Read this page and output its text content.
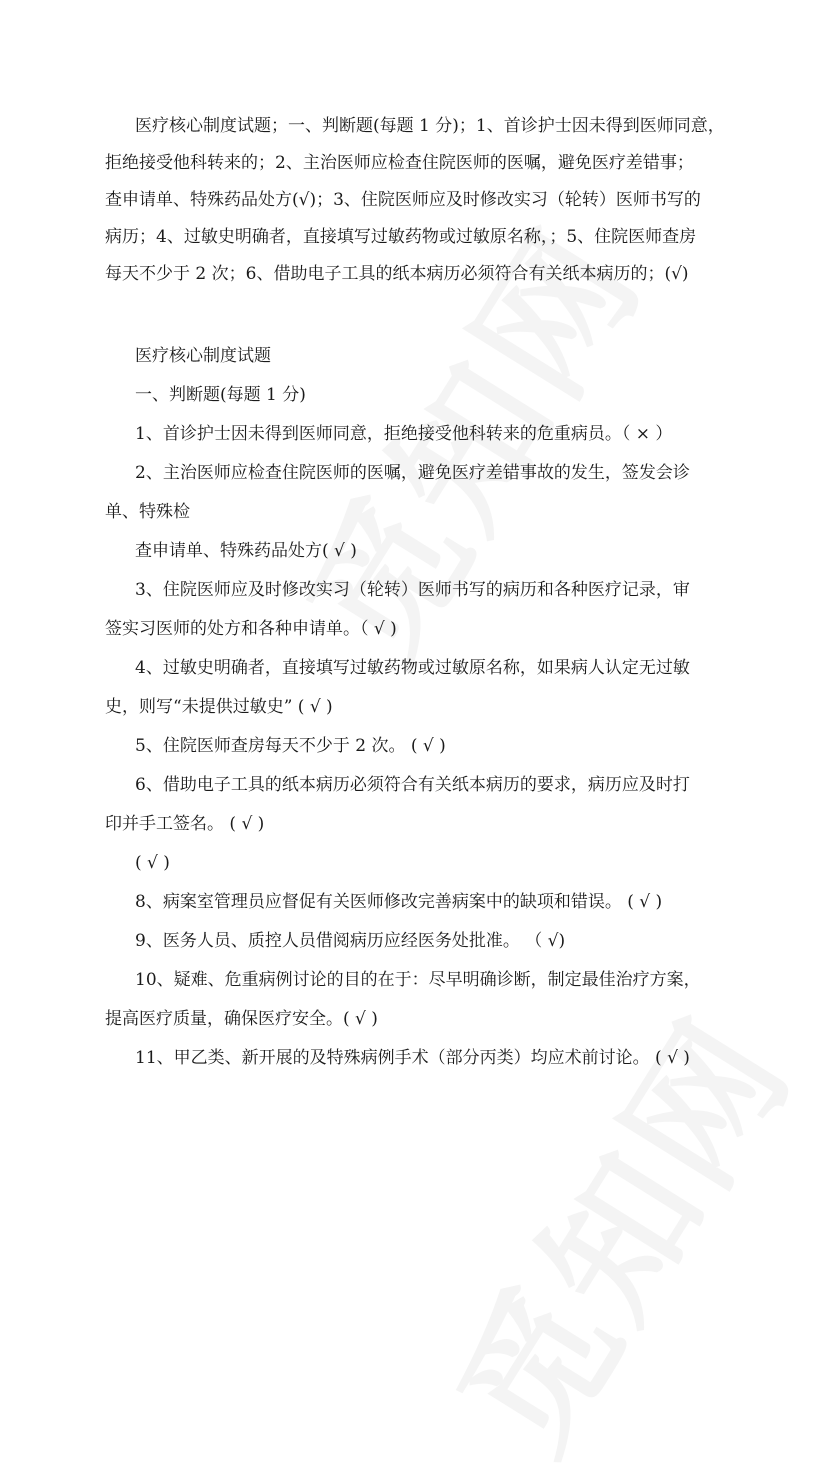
医疗核心制度试题；一、判断题(每题 1 分)；1、首诊护士因未得到医师同意，
拒绝接受他科转来的；2、主治医师应检查住院医师的医嘱，避免医疗差错事；
查申请单、特殊药品处方(√)；3、住院医师应及时修改实习（轮转）医师书写的
病历；4、过敏史明确者，直接填写过敏药物或过敏原名称，；5、住院医师查房
每天不少于 2 次；6、借助电子工具的纸本病历必须符合有关纸本病历的；(√)
医疗核心制度试题
一、判断题(每题 1 分)
1、首诊护士因未得到医师同意，拒绝接受他科转来的危重病员。（ × ）
2、主治医师应检查住院医师的医嘱，避免医疗差错事故的发生，签发会诊
单、特殊检
查申请单、特殊药品处方( √ )
3、住院医师应及时修改实习（轮转）医师书写的病历和各种医疗记录，审
签实习医师的处方和各种申请单。（ √ )
4、过敏史明确者，直接填写过敏药物或过敏原名称，如果病人认定无过敏
史，则写“未提供过敏史” ( √ )
5、住院医师查房每天不少于 2 次。 ( √ )
6、借助电子工具的纸本病历必须符合有关纸本病历的要求，病历应及时打
印并手工签名。 ( √ )
( √ )
8、病案室管理员应督促有关医师修改完善病案中的缺项和错误。 ( √ )
9、医务人员、质控人员借阅病历应经医务处批准。 （ √)
10、疑难、危重病例讨论的目的在于：尽早明确诊断，制定最佳治疗方案，
提高医疗质量，确保医疗安全。( √ )
11、甲乙类、新开展的及特殊病例手术（部分丙类）均应术前讨论。 ( √ )
